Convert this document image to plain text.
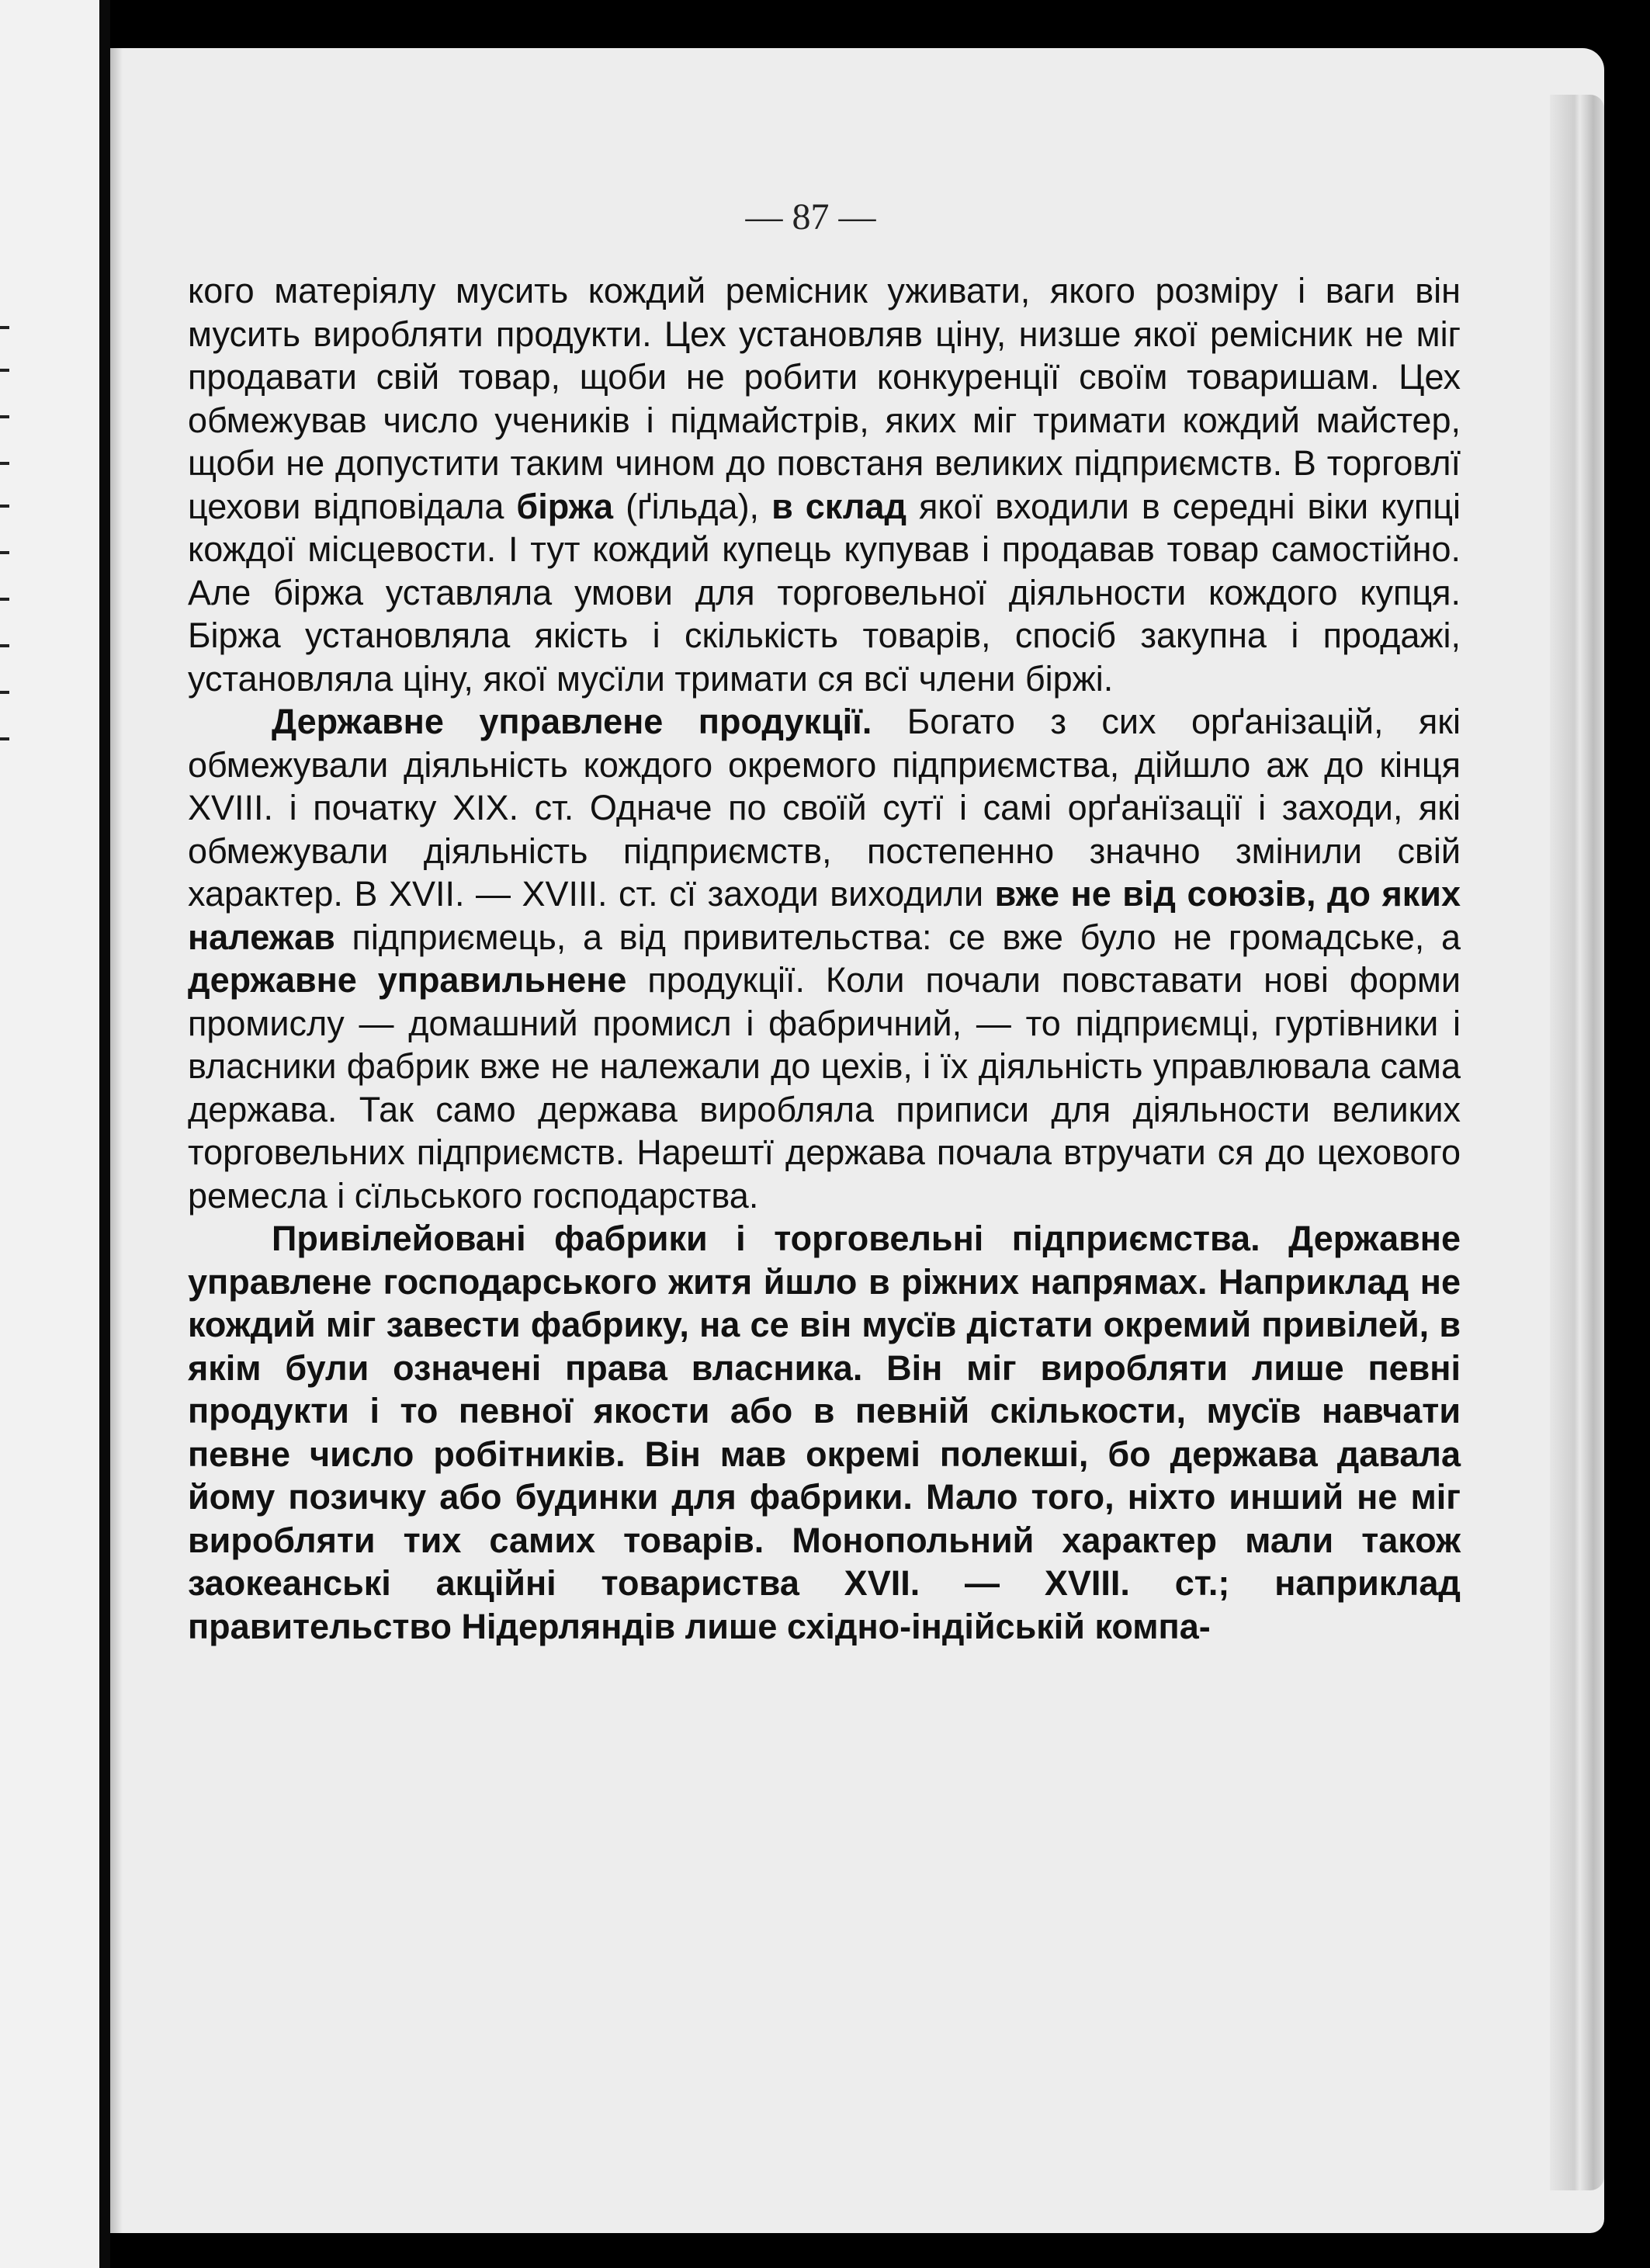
— 87 —

кого матеріялу мусить кождий ремісник уживати, якого розміру і ваги він мусить виробляти продукти. Цех установляв ціну, низше якої ремісник не міг продавати свій товар, щоби не робити конкуренції своїм товаришам. Цех обмежував число учеників і підмайстрів, яких міг тримати кождий майстер, щоби не допустити таким чином до повстаня великих підприємств. В торговлї цехови відповідала біржа (ґільда), в склад якої входили в середні віки купці кождої місцевости. І тут кождий купець купував і продавав товар самостійно. Але біржа уставляла умови для торговельної діяльности кождого купця. Біржа установляла якість і скількість товарів, спосіб закупна і продажі, установляла ціну, якої мусїли тримати ся всї члени біржі.

Державне управлене продукції. Богато з сих орґанізацій, які обмежували діяльність кождого окремого підприємства, дійшло аж до кінця XVIII. і початку XIX. ст. Одначе по своїй сутї і самі орґанїзації і заходи, які обмежували діяльність підприємств, постепенно значно змінили свій характер. В XVII. — XVIII. ст. сї заходи виходили вже не від союзів, до яких належав підприємець, а від привительства: се вже було не громадське, а державне управильнене продукції. Коли почали повставати нові форми промислу — домашний промисл і фабричний, — то підприємці, гуртівники і власники фабрик вже не належали до цехів, і їх діяльність управлювала сама держава. Так само держава виробляла приписи для діяльности великих торговельних підприємств. Нарештї держава почала втручати ся до цехового ремесла і сїльського господарства.

Привілейовані фабрики і торговельні підприємства. Державне управлене господарського житя йшло в ріжних напрямах. Наприклад не кождий міг завести фабрику, на се він мусїв дістати окремий привілей, в якім були означені права власника. Він міг виробляти лише певні продукти і то певної якости або в певній скількости, мусїв навчати певне число робітників. Він мав окремі полекші, бо держава давала йому позичку або будинки для фабрики. Мало того, ніхто инший не міг виробляти тих самих товарів. Монопольний характер мали також заокеанські акційні товариства XVII. — XVIII. ст.; наприклад правительство Нідерляндів лише східно-індійській компа-
